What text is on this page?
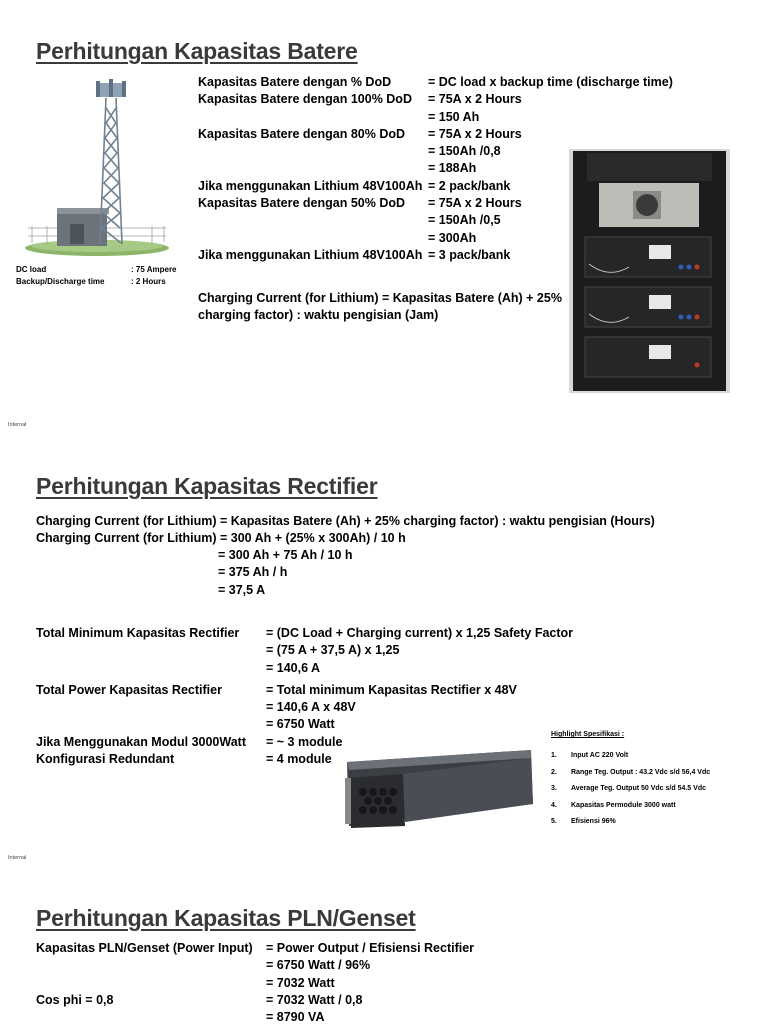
Perhitungan Kapasitas Batere
DC load	: 75 Ampere
Backup/Discharge time	: 2 Hours
Kapasitas Batere dengan % DoD
Kapasitas Batere dengan 100% DoD

Kapasitas Batere dengan 80% DoD

Jika menggunakan Lithium 48V100Ah
Kapasitas Batere dengan 50% DoD

Jika menggunakan Lithium 48V100Ah
= DC load x backup time (discharge time)
= 75A x 2 Hours
= 150 Ah
= 75A x 2 Hours
= 150Ah /0,8
= 188Ah
= 2 pack/bank
= 75A x 2 Hours
= 150Ah /0,5
= 300Ah
= 3 pack/bank
Charging Current (for Lithium) = Kapasitas Batere (Ah) + 25%
charging factor) : waktu pengisian (Jam)
Internal
Perhitungan Kapasitas Rectifier
Charging Current (for Lithium) = Kapasitas Batere (Ah) + 25% charging factor) : waktu pengisian (Hours)
Charging Current (for Lithium) = 300 Ah + (25% x 300Ah) / 10 h
= 300 Ah + 75 Ah / 10 h
= 375 Ah / h
= 37,5 A
Total Minimum Kapasitas Rectifier

Total Power Kapasitas Rectifier

Jika Menggunakan Modul 3000Watt
Konfigurasi Redundant
= (DC Load + Charging current) x 1,25 Safety Factor
= (75 A + 37,5 A) x 1,25
= 140,6 A
= Total minimum Kapasitas Rectifier x 48V
= 140,6 A x 48V
= 6750 Watt
= ~ 3 module
= 4 module
Highlight Spesifikasi :
1. Input AC 220 Volt
2. Range Teg. Output : 43.2 Vdc s/d 56,4 Vdc
3. Average Teg. Output 50 Vdc s/d 54.5 Vdc
4. Kapasitas Permodule 3000 watt
5. Efisiensi 96%
Internal
Perhitungan Kapasitas PLN/Genset
Kapasitas PLN/Genset (Power Input)

Cos phi = 0,8

= Power Output / Efisiensi Rectifier
= 6750 Watt / 96%
= 7032 Watt
= 7032 Watt / 0,8
= 8790 VA
